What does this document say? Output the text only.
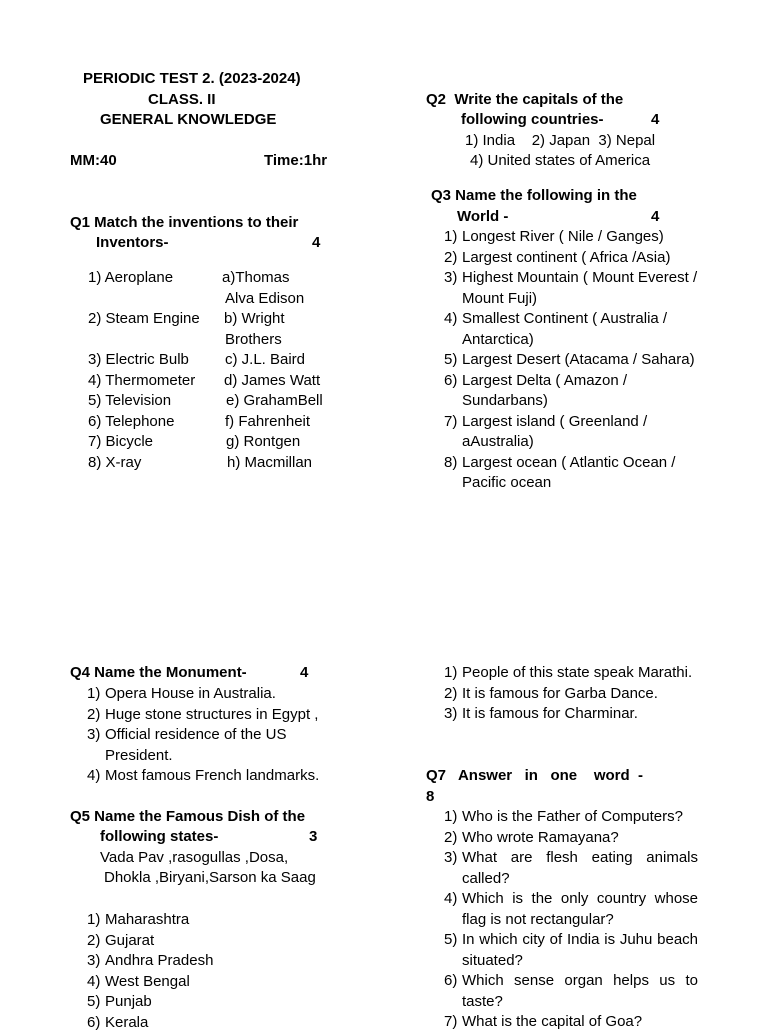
PERIODIC TEST 2. (2023-2024)
CLASS. II
GENERAL KNOWLEDGE
MM:40	Time:1hr
Q1 Match the inventions to their
Inventors-	4
1) Aeroplane	a)Thomas
Alva Edison
2) Steam Engine b) Wright
Brothers
3) Electric Bulb c) J.L. Baird
4) Thermometer d) James Watt
5) Television	e) GrahamBell
6) Telephone	f) Fahrenheit
7) Bicycle	g) Rontgen
8) X-ray	h) Macmillan
Q2  Write the capitals of the
following countries-	4
1) India    2) Japan  3) Nepal
4) United states of America
Q3 Name the following in the
World -	4
1) Longest River ( Nile / Ganges)
2) Largest continent ( Africa /Asia)
3) Highest Mountain ( Mount Everest / Mount Fuji)
4) Smallest Continent ( Australia / Antarctica)
5) Largest Desert (Atacama / Sahara)
6) Largest Delta ( Amazon / Sundarbans)
7) Largest island ( Greenland / aAustralia)
8) Largest ocean ( Atlantic Ocean / Pacific ocean
Q4 Name the Monument-	4
1) Opera House in Australia.
2) Huge stone structures in Egypt ,
3) Official residence of the US President.
4) Most famous French landmarks.
Q5 Name the Famous Dish of the
following states-	3
Vada Pav ,rasogullas ,Dosa,
Dhokla ,Biryani,Sarson ka Saag
1) Maharashtra
2) Gujarat
3) Andhra Pradesh
4) West Bengal
5) Punjab
6) Kerala
1) People of this state speak Marathi.
2) It is famous for Garba Dance.
3) It is famous for Charminar.
Q7   Answer   in   one    word  -
8
1) Who is the Father of Computers?
2) Who wrote Ramayana?
3) What are flesh eating animals called?
4) Which is the only country whose flag is not rectangular?
5) In which city of India is Juhu beach situated?
6) Which sense organ helps us to taste?
7) What is the capital of Goa?
